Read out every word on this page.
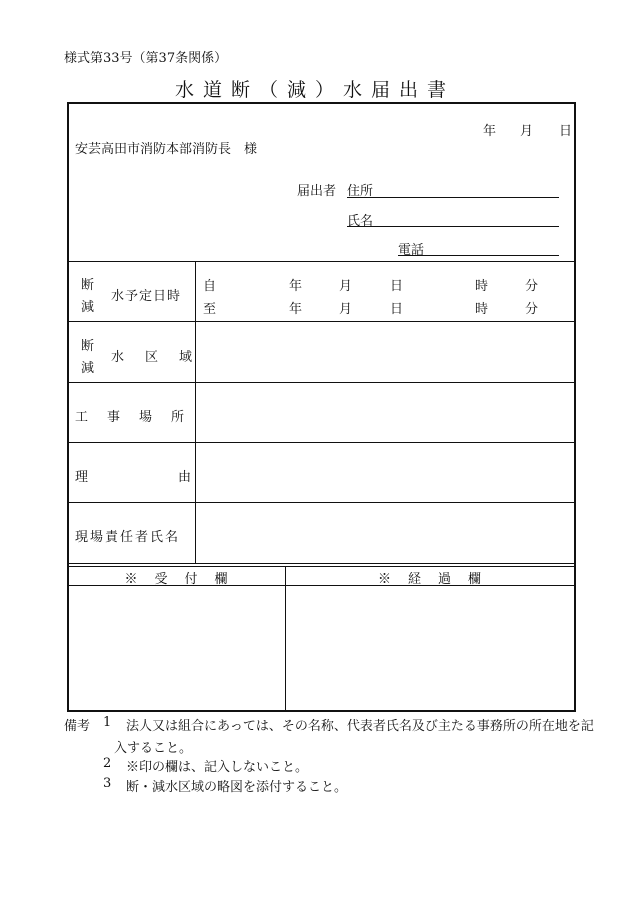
様式第33号（第37条関係）
水道断（減）水届出書
年 月 日
安芸高田市消防本部消防長　様
届出者 住所
氏名
電話
断
減
水予定日時
自	年	月	日	時	分
至	年	月	日	時	分
断
減
水　区　域
工　事　場　所
理	由
現場責任者氏名
※　受　付　欄	※　経　過　欄
備考 1 法人又は組合にあっては、その名称、代表者氏名及び主たる事務所の所在地を記
入すること。
2 ※印の欄は、記入しないこと。
3 断・減水区域の略図を添付すること。
